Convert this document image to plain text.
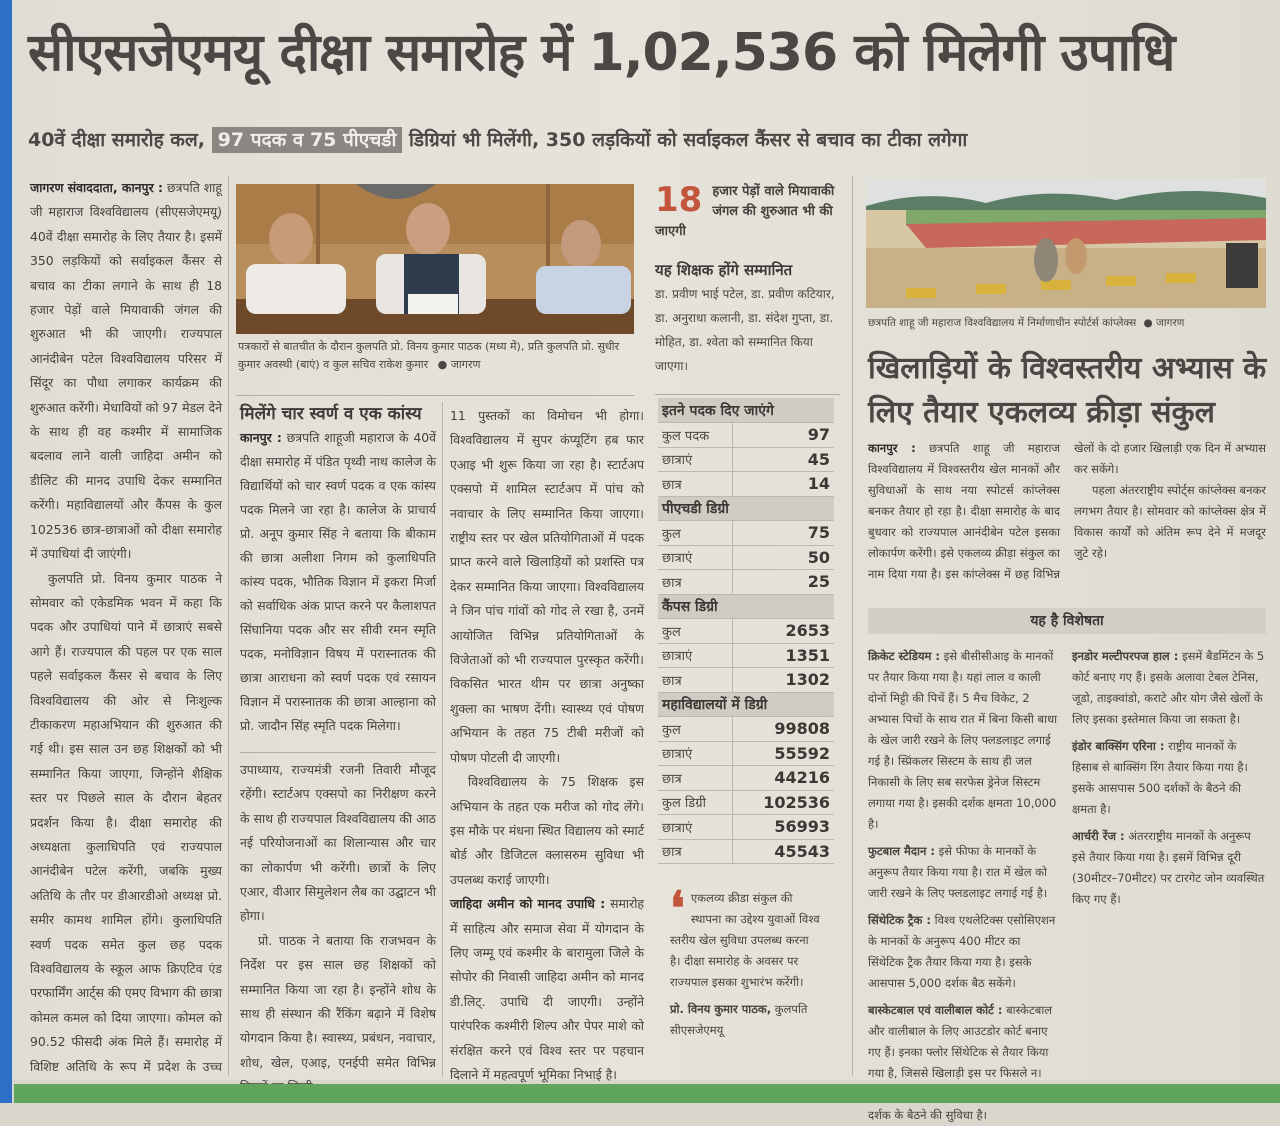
सीएसजेएमयू दीक्षा समारोह में 1,02,536 को मिलेगी उपाधि
40वें दीक्षा समारोह कल, 97 पदक व 75 पीएचडी डिग्रियां भी मिलेंगी, 350 लड़कियों को सर्वाइकल कैंसर से बचाव का टीका लगेगा

जागरण संवाददाता, कानपुर : छत्रपति शाहू जी महाराज विश्वविद्यालय (सीएसजेएमयू) 40वें दीक्षा समारोह के लिए तैयार है। इसमें 350 लड़कियों को सर्वाइकल कैंसर से बचाव का टीका लगाने के साथ ही 18 हजार पेड़ों वाले मियावाकी जंगल की शुरुआत भी की जाएगी। राज्यपाल आनंदीबेन पटेल विश्वविद्यालय परिसर में सिंदूर का पौधा लगाकर कार्यक्रम की शुरुआत करेंगी। मेधावियों को 97 मेडल देने के साथ ही वह कश्मीर में सामाजिक बदलाव लाने वाली जाहिदा अमीन को डीलिट की मानद उपाधि देकर सम्मानित करेंगी। महाविद्यालयों और कैंपस के कुल 102536 छात्र-छात्राओं को दीक्षा समारोह में उपाधियां दी जाएंगी।

कुलपति प्रो. विनय कुमार पाठक ने सोमवार को एकेडमिक भवन में कहा कि पदक और उपाधियां पाने में छात्राएं सबसे आगे हैं। राज्यपाल की पहल पर एक साल पहले सर्वाइकल कैंसर से बचाव के लिए विश्वविद्यालय की ओर से निःशुल्क टीकाकरण महाअभियान की शुरुआत की गई थी। इस साल उन छह शिक्षकों को भी सम्मानित किया जाएगा, जिन्होंने शैक्षिक स्तर पर पिछले साल के दौरान बेहतर प्रदर्शन किया है। दीक्षा समारोह की अध्यक्षता कुलाधिपति एवं राज्यपाल आनंदीबेन पटेल करेंगी, जबकि मुख्य अतिथि के तौर पर डीआरडीओ अध्यक्ष प्रो. समीर कामथ शामिल होंगे। कुलाधिपति स्वर्ण पदक समेत कुल छह पदक विश्वविद्यालय के स्कूल आफ क्रिएटिव एंड परफार्मिंग आर्ट्स की एमए विभाग की छात्रा कोमल कमल को दिया जाएगा। कोमल को 90.52 फीसदी अंक मिले हैं। समारोह में विशिष्ट अतिथि के रूप में प्रदेश के उच्च

पत्रकारों से बातचीत के दौरान कुलपति प्रो. विनय कुमार पाठक (मध्य में), प्रति कुलपति प्रो. सुधीर कुमार अवस्थी (बाएं) व कुल सचिव राकेश कुमार ● जागरण
मिलेंगे चार स्वर्ण व एक कांस्य

कानपुर : छत्रपति शाहूजी महाराज के 40वें दीक्षा समारोह में पंडित पृथ्वी नाथ कालेज के विद्यार्थियों को चार स्वर्ण पदक व एक कांस्य पदक मिलने जा रहा है। कालेज के प्राचार्य प्रो. अनूप कुमार सिंह ने बताया कि बीकाम की छात्रा अलीशा निगम को कुलाधिपति कांस्य पदक, भौतिक विज्ञान में इकरा मिर्जा को सर्वाधिक अंक प्राप्त करने पर कैलाशपत सिंघानिया पदक और सर सीवी रमन स्मृति पदक, मनोविज्ञान विषय में परास्नातक की छात्रा आराधना को स्वर्ण पदक एवं रसायन विज्ञान में परास्नातक की छात्रा आल्हाना को प्रो. जादौन सिंह स्मृति पदक मिलेगा।

उपाध्याय, राज्यमंत्री रजनी तिवारी मौजूद रहेंगी। स्टार्टअप एक्सपो का निरीक्षण करने के साथ ही राज्यपाल विश्वविद्यालय की आठ नई परियोजनाओं का शिलान्यास और चार का लोकार्पण भी करेंगी। छात्रों के लिए एआर, वीआर सिमुलेशन लैब का उद्घाटन भी होगा।

प्रो. पाठक ने बताया कि राजभवन के निर्देश पर इस साल छह शिक्षकों को सम्मानित किया जा रहा है। इन्होंने शोध के साथ ही संस्थान की रैंकिंग बढ़ाने में विशेष योगदान किया है। स्वास्थ्य, प्रबंधन, नवाचार, शोध, खेल, एआइ, एनईपी समेत विभिन्न

11 पुस्तकों का विमोचन भी होगा। विश्वविद्यालय में सुपर कंप्यूटिंग हब फार एआइ भी शुरू किया जा रहा है। स्टार्टअप एक्सपो में शामिल स्टार्टअप में पांच को नवाचार के लिए सम्मानित किया जाएगा। राष्ट्रीय स्तर पर खेल प्रतियोगिताओं में पदक प्राप्त करने वाले खिलाड़ियों को प्रशस्ति पत्र देकर सम्मानित किया जाएगा। विश्वविद्यालय ने जिन पांच गांवों को गोद ले रखा है, उनमें आयोजित विभिन्न प्रतियोगिताओं के विजेताओं को भी राज्यपाल पुरस्कृत करेंगी। विकसित भारत थीम पर छात्रा अनुष्का शुक्ला का भाषण देंगी। स्वास्थ्य एवं पोषण अभियान के तहत 75 टीबी मरीजों को पोषण पोटली दी जाएगी।

विश्वविद्यालय के 75 शिक्षक इस अभियान के तहत एक मरीज को गोद लेंगे। इस मौके पर मंधना स्थित विद्यालय को स्मार्ट बोर्ड और डिजिटल क्लासरुम सुविधा भी उपलब्ध कराई जाएगी।

जाहिदा अमीन को मानद उपाधि : समारोह में साहित्य और समाज सेवा में योगदान के लिए जम्मू एवं कश्मीर के बारामुला जिले के सोपोर की निवासी जाहिदा अमीन को मानद डी.लिट्. उपाधि दी जाएगी। उन्होंने पारंपरिक कश्मीरी शिल्प और पेपर माशे को संरक्षित करने एवं विश्व स्तर पर पहचान दिलाने में महत्वपूर्ण भूमिका निभाई है।

18 हजार पेड़ों वाले मियावाकी जंगल की शुरुआत भी की जाएगी
यह शिक्षक होंगे सम्मानित

डा. प्रवीण भाई पटेल, डा. प्रवीण कटियार, डा. अनुराधा कलानी, डा. संदेश गुप्ता, डा. मोहित, डा. श्वेता को सम्मानित किया जाएगा।

इतने पदक दिए जाएंगे	
कुल पदक	97
छात्राएं	45
छात्र	14
पीएचडी डिग्री	
कुल	75
छात्राएं	50
छात्र	25
कैंपस डिग्री	
कुल	2653
छात्राएं	1351
छात्र	1302
महाविद्यालयों में डिग्री	
कुल	99808
छात्राएं	55592
छात्र	44216
कुल डिग्री	102536
छात्राएं	56993
छात्र	45543
❛ एकलव्य क्रीडा संकुल की स्थापना का उद्देश्य युवाओं विश्व स्तरीय खेल सुविधा उपलब्ध करना है। दीक्षा समारोह के अवसर पर राज्यपाल इसका शुभारंभ करेंगी।
प्रो. विनय कुमार पाठक, कुलपति सीएसजेएमयू
छत्रपति शाहू जी महाराज विश्वविद्यालय में निर्माणाधीन स्पोर्टर्स कांप्लेक्स ● जागरण
खिलाड़ियों के विश्वस्तरीय अभ्यास के लिए तैयार एकलव्य क्रीड़ा संकुल

कानपुर : छत्रपति शाहू जी महाराज विश्वविद्यालय में विश्वस्तरीय खेल मानकों और सुविधाओं के साथ नया स्पोटर्स कांप्लेक्स बनकर तैयार हो रहा है। दीक्षा समारोह के बाद बुधवार को राज्यपाल आनंदीबेन पटेल इसका लोकार्पण करेंगी। इसे एकलव्य क्रीड़ा संकुल का नाम दिया गया है। इस कांप्लेक्स में छह विभिन्न खेलों के दो हजार खिलाड़ी एक दिन में अभ्यास कर सकेंगे।

पहला अंतरराष्ट्रीय स्पोर्ट्स कांप्लेक्स बनकर लगभग तैयार है। सोमवार को कांप्लेक्स क्षेत्र में विकास कार्यों को अंतिम रूप देने में मजदूर जुटे रहे।

यह है विशेषता

क्रिकेट स्टेडियम : इसे बीसीसीआइ के मानकों पर तैयार किया गया है। यहां लाल व काली दोनों मिट्टी की पिचें हैं। 5 मैच विकेट, 2 अभ्यास पिचों के साथ रात में बिना किसी बाधा के खेल जारी रखने के लिए फ्लडलाइट लगाई गई है। स्प्रिंकलर सिस्टम के साथ ही जल निकासी के लिए सब सरफेस ड्रेनेज सिस्टम लगाया गया है। इसकी दर्शक क्षमता 10,000 है।

फुटबाल मैदान : इसे फीफा के मानकों के अनुरूप तैयार किया गया है। रात में खेल को जारी रखने के लिए फ्लडलाइट लगाई गई है।

सिंथेटिक ट्रैक : विश्व एथलेटिक्स एसोसिएशन के मानकों के अनुरूप 400 मीटर का सिंथेटिक ट्रैक तैयार किया गया है। इसके आसपास 5,000 दर्शक बैठ सकेंगे।

बास्केटबाल एवं वालीबाल कोर्ट : बास्केटबाल और वालीबाल के लिए आउटडोर कोर्ट बनाए गए हैं। इनका फ्लोर सिंथेटिक से तैयार किया गया है, जिससे खिलाड़ी इस पर फिसले न। दर्शक के बैठने की सुविधा है।

इनडोर मल्टीपरपज हाल : इसमें बैडमिंटन के 5 कोर्ट बनाए गए हैं। इसके अलावा टेबल टेनिस, जूडो, ताइक्वांडो, कराटे और योग जैसे खेलों के लिए इसका इस्तेमाल किया जा सकता है।

इंडोर बाक्सिंग एरिना : राष्ट्रीय मानकों के हिसाब से बाक्सिंग रिंग तैयार किया गया है। इसके आसपास 500 दर्शकों के बैठने की क्षमता है।

आर्चरी रेंज : अंतरराष्ट्रीय मानकों के अनुरूप इसे तैयार किया गया है। इसमें विभिन्न दूरी (30मीटर–70मीटर) पर टारगेट जोन व्यवस्थित किए गए हैं।
